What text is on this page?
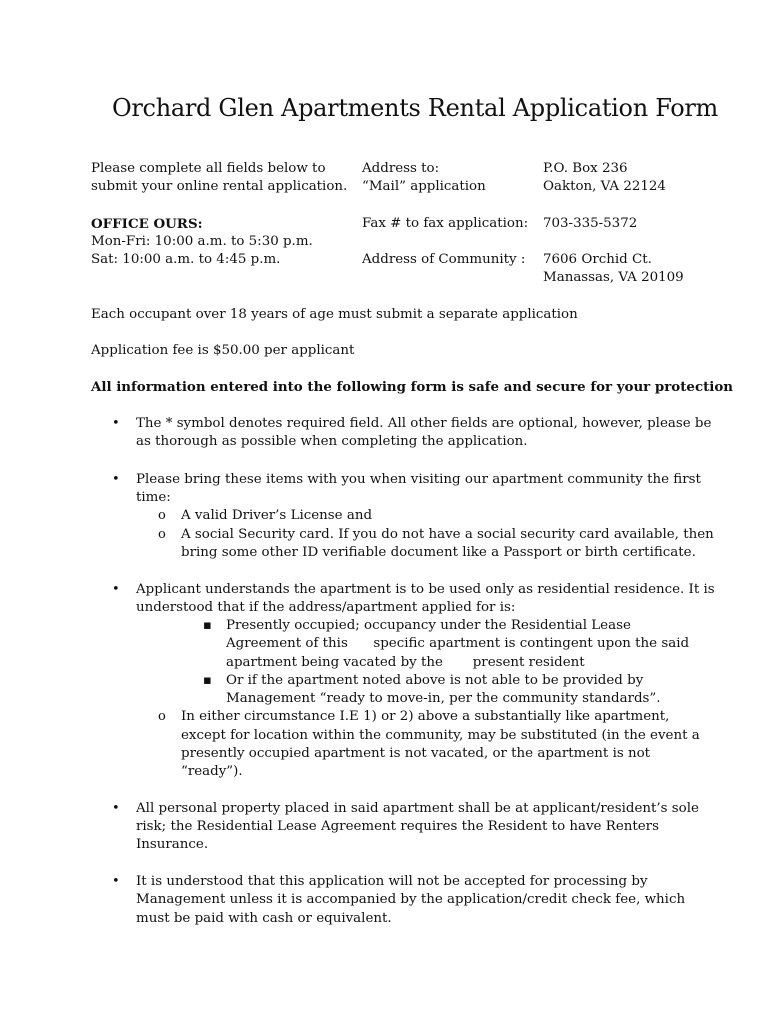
Orchard Glen Apartments Rental Application Form
Please complete all fields below to
submit your online rental application.
OFFICE OURS:
Mon-Fri: 10:00 a.m. to 5:30 p.m.
Sat: 10:00 a.m. to 4:45 p.m.
Address to:
“Mail” application
Fax # to fax application:
Address of Community :
P.O. Box 236
Oakton, VA 22124
703-335-5372
7606 Orchid Ct.
Manassas, VA 20109
Each occupant over 18 years of age must submit a separate application
Application fee is $50.00 per applicant
All information entered into the following form is safe and secure for your protection
• The * symbol denotes required field. All other fields are optional, however, please be
as thorough as possible when completing the application.
• Please bring these items with you when visiting our apartment community the first
time:
o A valid Driver’s License and
o A social Security card. If you do not have a social security card available, then
bring some other ID verifiable document like a Passport or birth certificate.
• Applicant understands the apartment is to be used only as residential residence. It is
understood that if the address/apartment applied for is:
▪ Presently occupied; occupancy under the Residential Lease
Agreement of this      specific apartment is contingent upon the said
apartment being vacated by the       present resident
▪ Or if the apartment noted above is not able to be provided by
Management “ready to move-in, per the community standards”.
o In either circumstance I.E 1) or 2) above a substantially like apartment,
except for location within the community, may be substituted (in the event a
presently occupied apartment is not vacated, or the apartment is not
“ready”).
• All personal property placed in said apartment shall be at applicant/resident’s sole
risk; the Residential Lease Agreement requires the Resident to have Renters
Insurance.
• It is understood that this application will not be accepted for processing by
Management unless it is accompanied by the application/credit check fee, which
must be paid with cash or equivalent.
